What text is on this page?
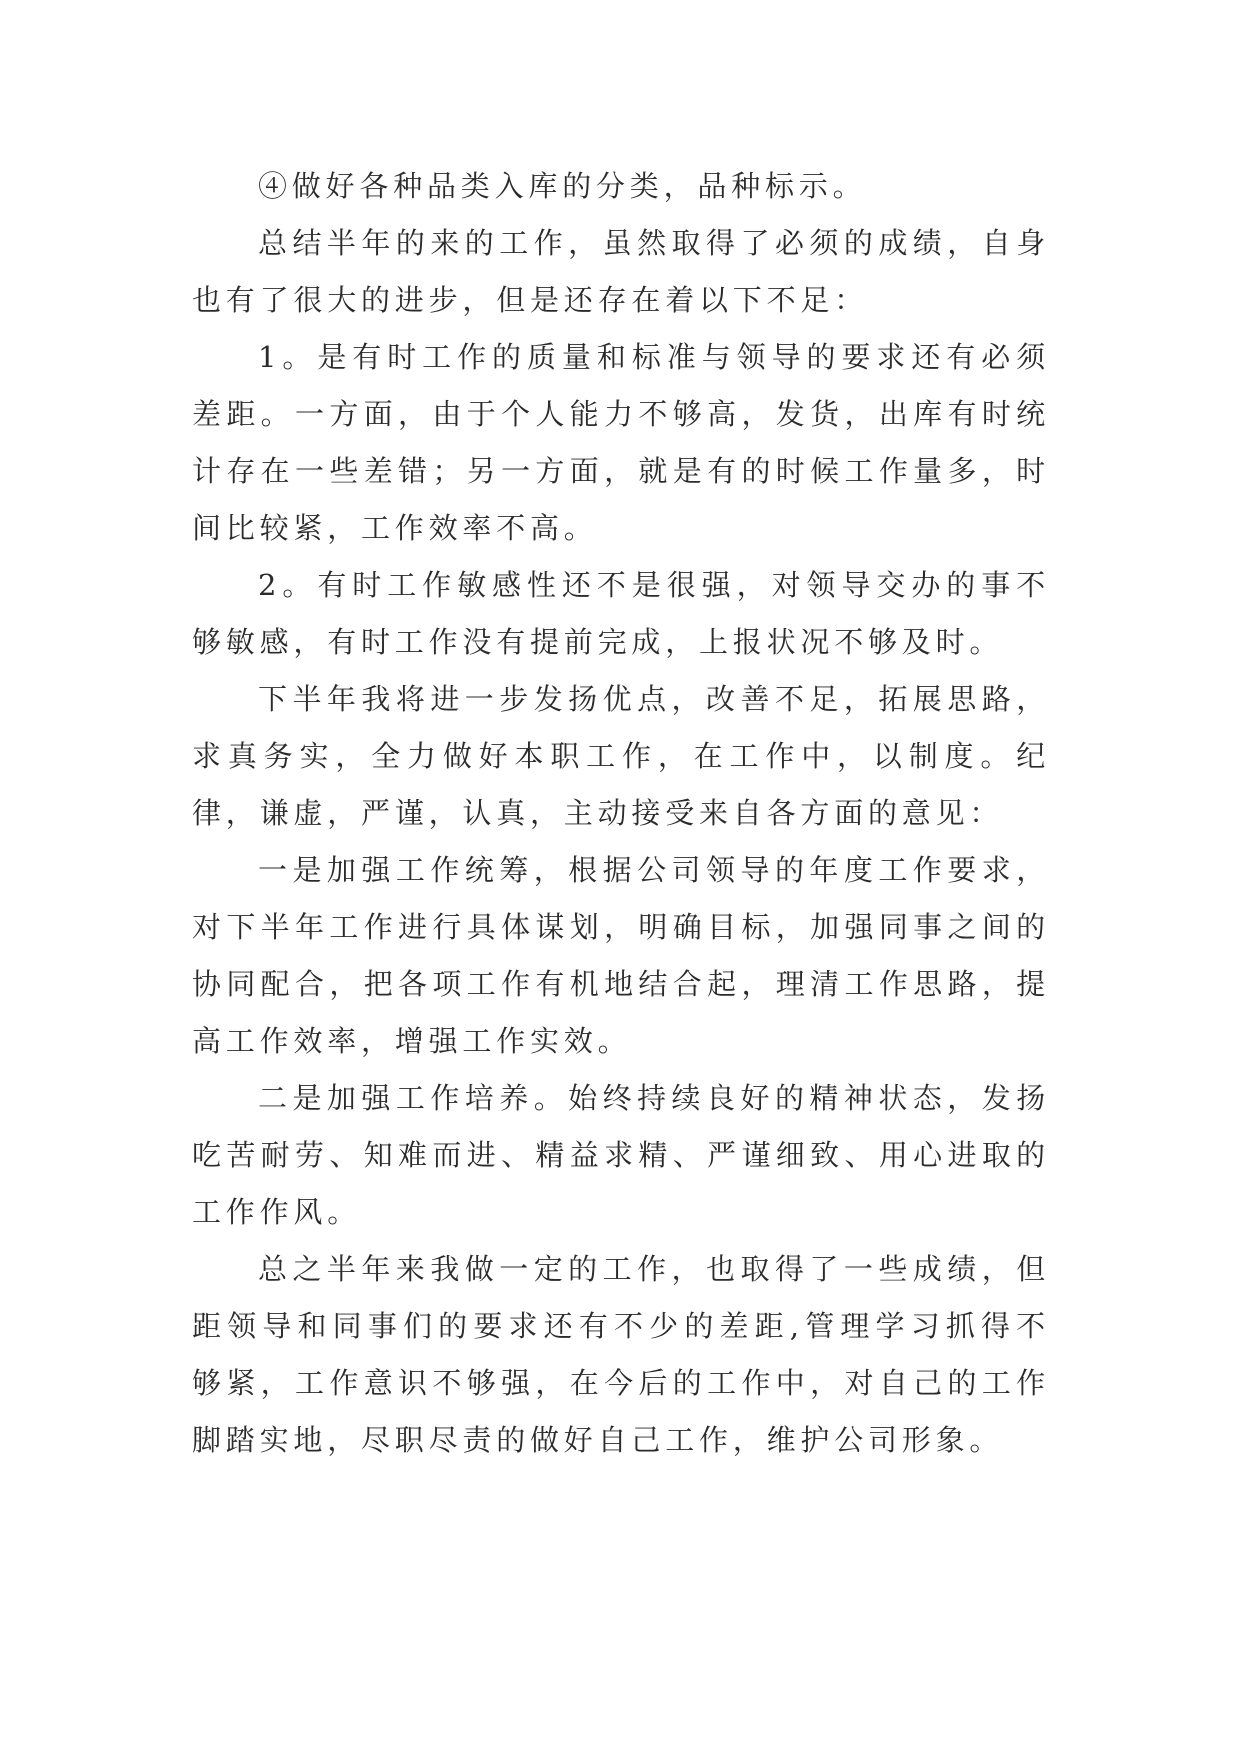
④做好各种品类入库的分类，品种标示。

总结半年的来的工作，虽然取得了必须的成绩，自身也有了很大的进步，但是还存在着以下不足：

1。是有时工作的质量和标准与领导的要求还有必须差距。一方面，由于个人能力不够高，发货，出库有时统计存在一些差错；另一方面，就是有的时候工作量多，时间比较紧，工作效率不高。

2。有时工作敏感性还不是很强，对领导交办的事不够敏感，有时工作没有提前完成，上报状况不够及时。

下半年我将进一步发扬优点，改善不足，拓展思路，求真务实，全力做好本职工作，在工作中，以制度。纪律，谦虚，严谨，认真，主动接受来自各方面的意见：

一是加强工作统筹，根据公司领导的年度工作要求，对下半年工作进行具体谋划，明确目标，加强同事之间的协同配合，把各项工作有机地结合起，理清工作思路，提高工作效率，增强工作实效。

二是加强工作培养。始终持续良好的精神状态，发扬吃苦耐劳、知难而进、精益求精、严谨细致、用心进取的工作作风。

总之半年来我做一定的工作，也取得了一些成绩，但距领导和同事们的要求还有不少的差距,管理学习抓得不够紧，工作意识不够强，在今后的工作中，对自己的工作脚踏实地，尽职尽责的做好自己工作，维护公司形象。
